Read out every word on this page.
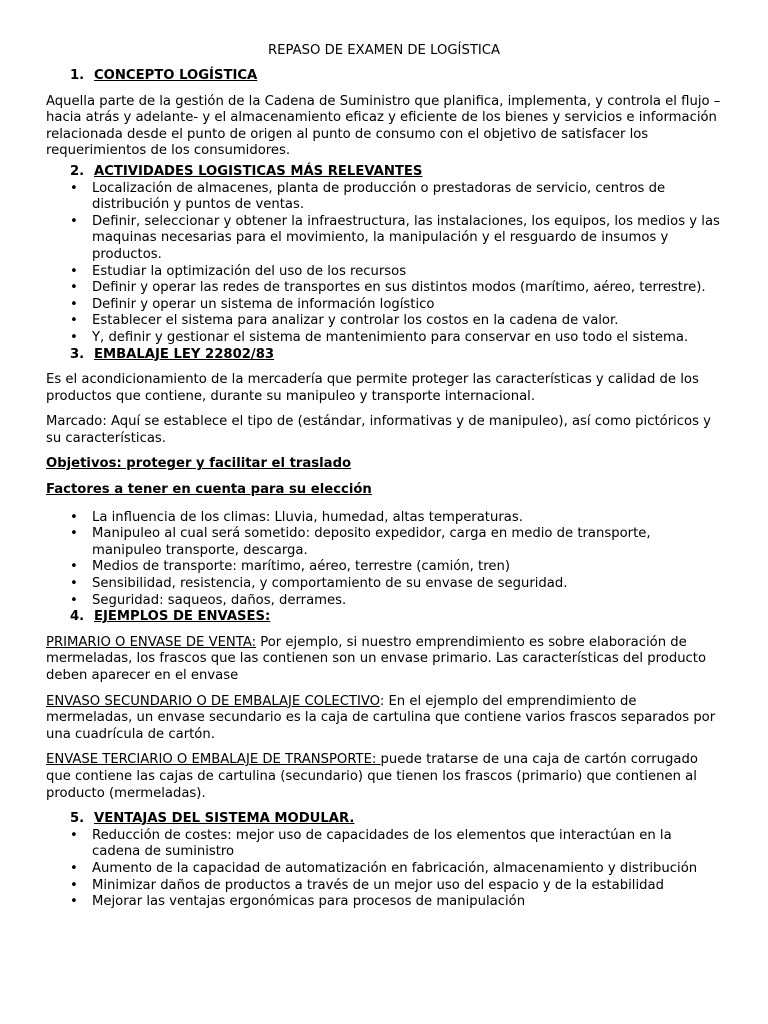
REPASO DE EXAMEN DE LOGÍSTICA
1. CONCEPTO LOGÍSTICA

Aquella parte de la gestión de la Cadena de Suministro que planifica, implementa, y controla el flujo –hacia atrás y adelante- y el almacenamiento eficaz y eficiente de los bienes y servicios e información relacionada desde el punto de origen al punto de consumo con el objetivo de satisfacer los requerimientos de los consumidores.

2. ACTIVIDADES LOGISTICAS MÁS RELEVANTES
• Localización de almacenes, planta de producción o prestadoras de servicio, centros de distribución y puntos de ventas.
• Definir, seleccionar y obtener la infraestructura, las instalaciones, los equipos, los medios y las maquinas necesarias para el movimiento, la manipulación y el resguardo de insumos y productos.
• Estudiar la optimización del uso de los recursos
• Definir y operar las redes de transportes en sus distintos modos (marítimo, aéreo, terrestre).
• Definir y operar un sistema de información logístico
• Establecer el sistema para analizar y controlar los costos en la cadena de valor.
• Y, definir y gestionar el sistema de mantenimiento para conservar en uso todo el sistema.
3. EMBALAJE LEY 22802/83

Es el acondicionamiento de la mercadería que permite proteger las características y calidad de los productos que contiene, durante su manipuleo y transporte internacional.

Marcado: Aquí se establece el tipo de (estándar, informativas y de manipuleo), así como pictóricos y su características.

Objetivos: proteger y facilitar el traslado
Factores a tener en cuenta para su elección
• La influencia de los climas: Lluvia, humedad, altas temperaturas.
• Manipuleo al cual será sometido: deposito expedidor, carga en medio de transporte, manipuleo transporte, descarga.
• Medios de transporte: marítimo, aéreo, terrestre (camión, tren)
• Sensibilidad, resistencia, y comportamiento de su envase de seguridad.
• Seguridad: saqueos, daños, derrames.
4. EJEMPLOS DE ENVASES:

PRIMARIO O ENVASE DE VENTA: Por ejemplo, si nuestro emprendimiento es sobre elaboración de mermeladas, los frascos que las contienen son un envase primario. Las características del producto deben aparecer en el envase

ENVASO SECUNDARIO O DE EMBALAJE COLECTIVO: En el ejemplo del emprendimiento de mermeladas, un envase secundario es la caja de cartulina que contiene varios frascos separados por una cuadrícula de cartón.

ENVASE TERCIARIO O EMBALAJE DE TRANSPORTE: puede tratarse de una caja de cartón corrugado que contiene las cajas de cartulina (secundario) que tienen los frascos (primario) que contienen al producto (mermeladas).

5. VENTAJAS DEL SISTEMA MODULAR.
• Reducción de costes: mejor uso de capacidades de los elementos que interactúan en la cadena de suministro
• Aumento de la capacidad de automatización en fabricación, almacenamiento y distribución
• Minimizar daños de productos a través de un mejor uso del espacio y de la estabilidad
• Mejorar las ventajas ergonómicas para procesos de manipulación
